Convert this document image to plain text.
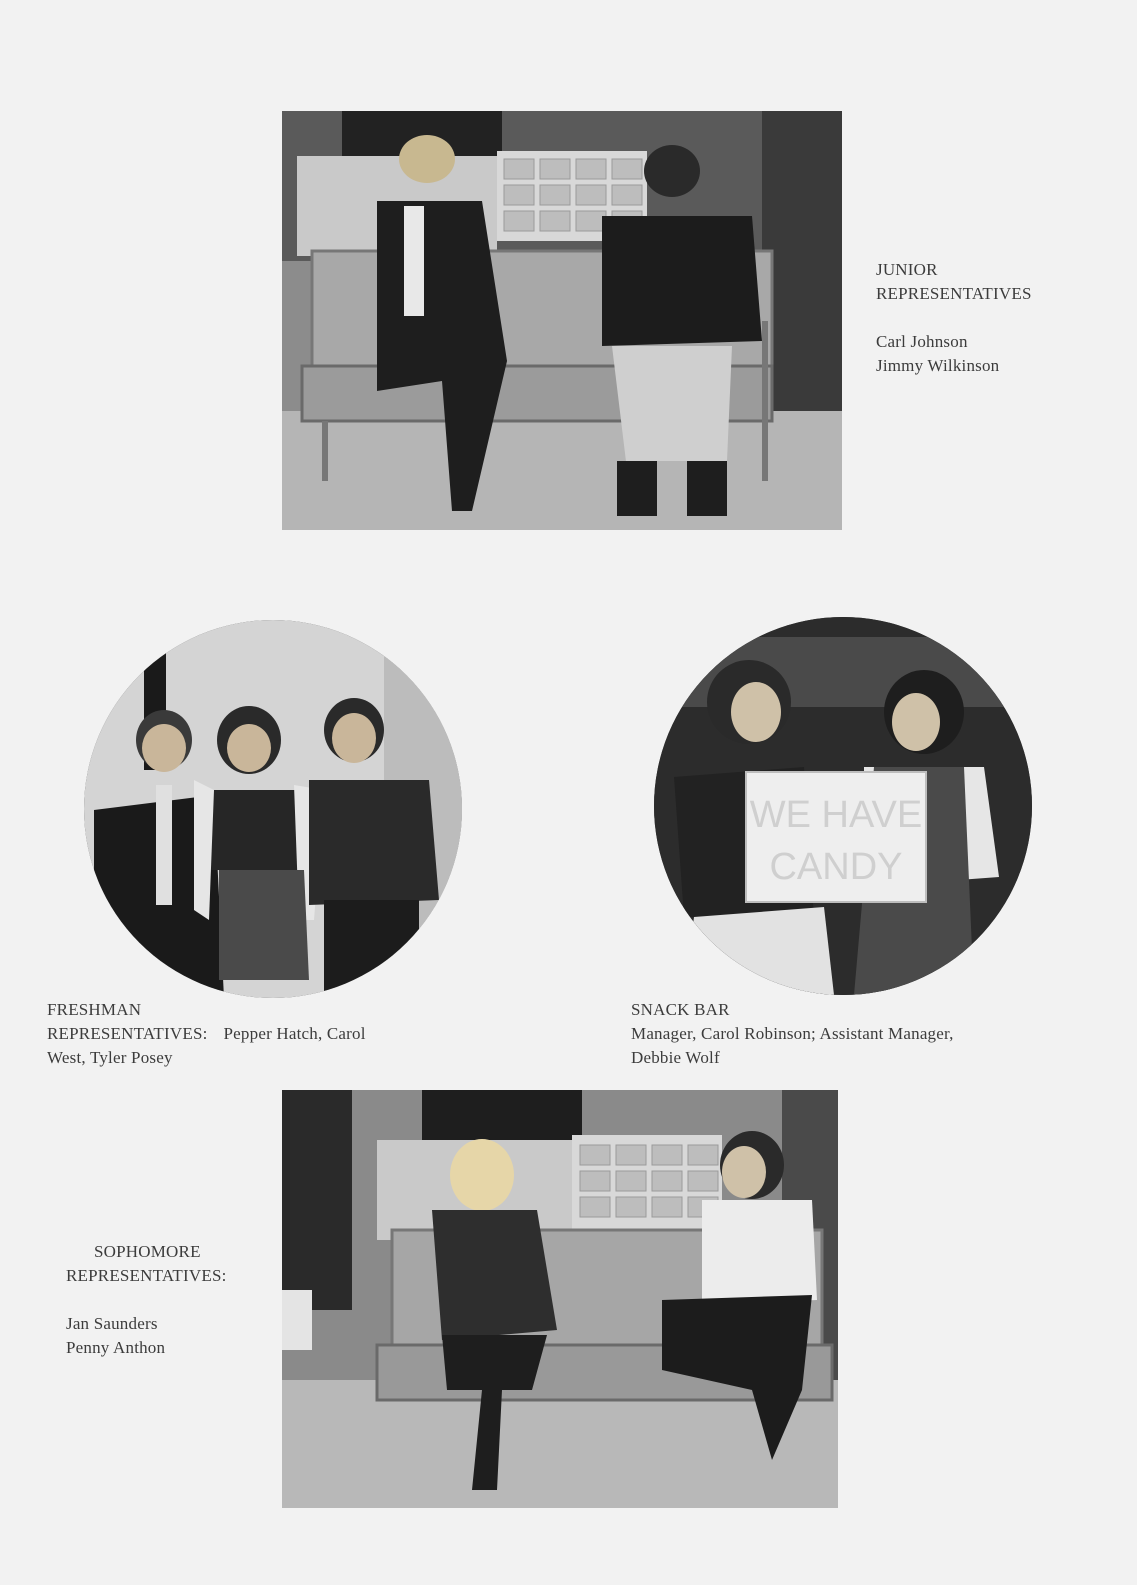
JUNIOR
REPRESENTATIVES
Carl Johnson
Jimmy Wilkinson
FRESHMAN
REPRESENTATIVES: Pepper Hatch, Carol
West, Tyler Posey
WE HAVE
CANDY
SNACK BAR
Manager, Carol Robinson; Assistant Manager,
Debbie Wolf
SOPHOMORE
REPRESENTATIVES:
Jan Saunders
Penny Anthon
